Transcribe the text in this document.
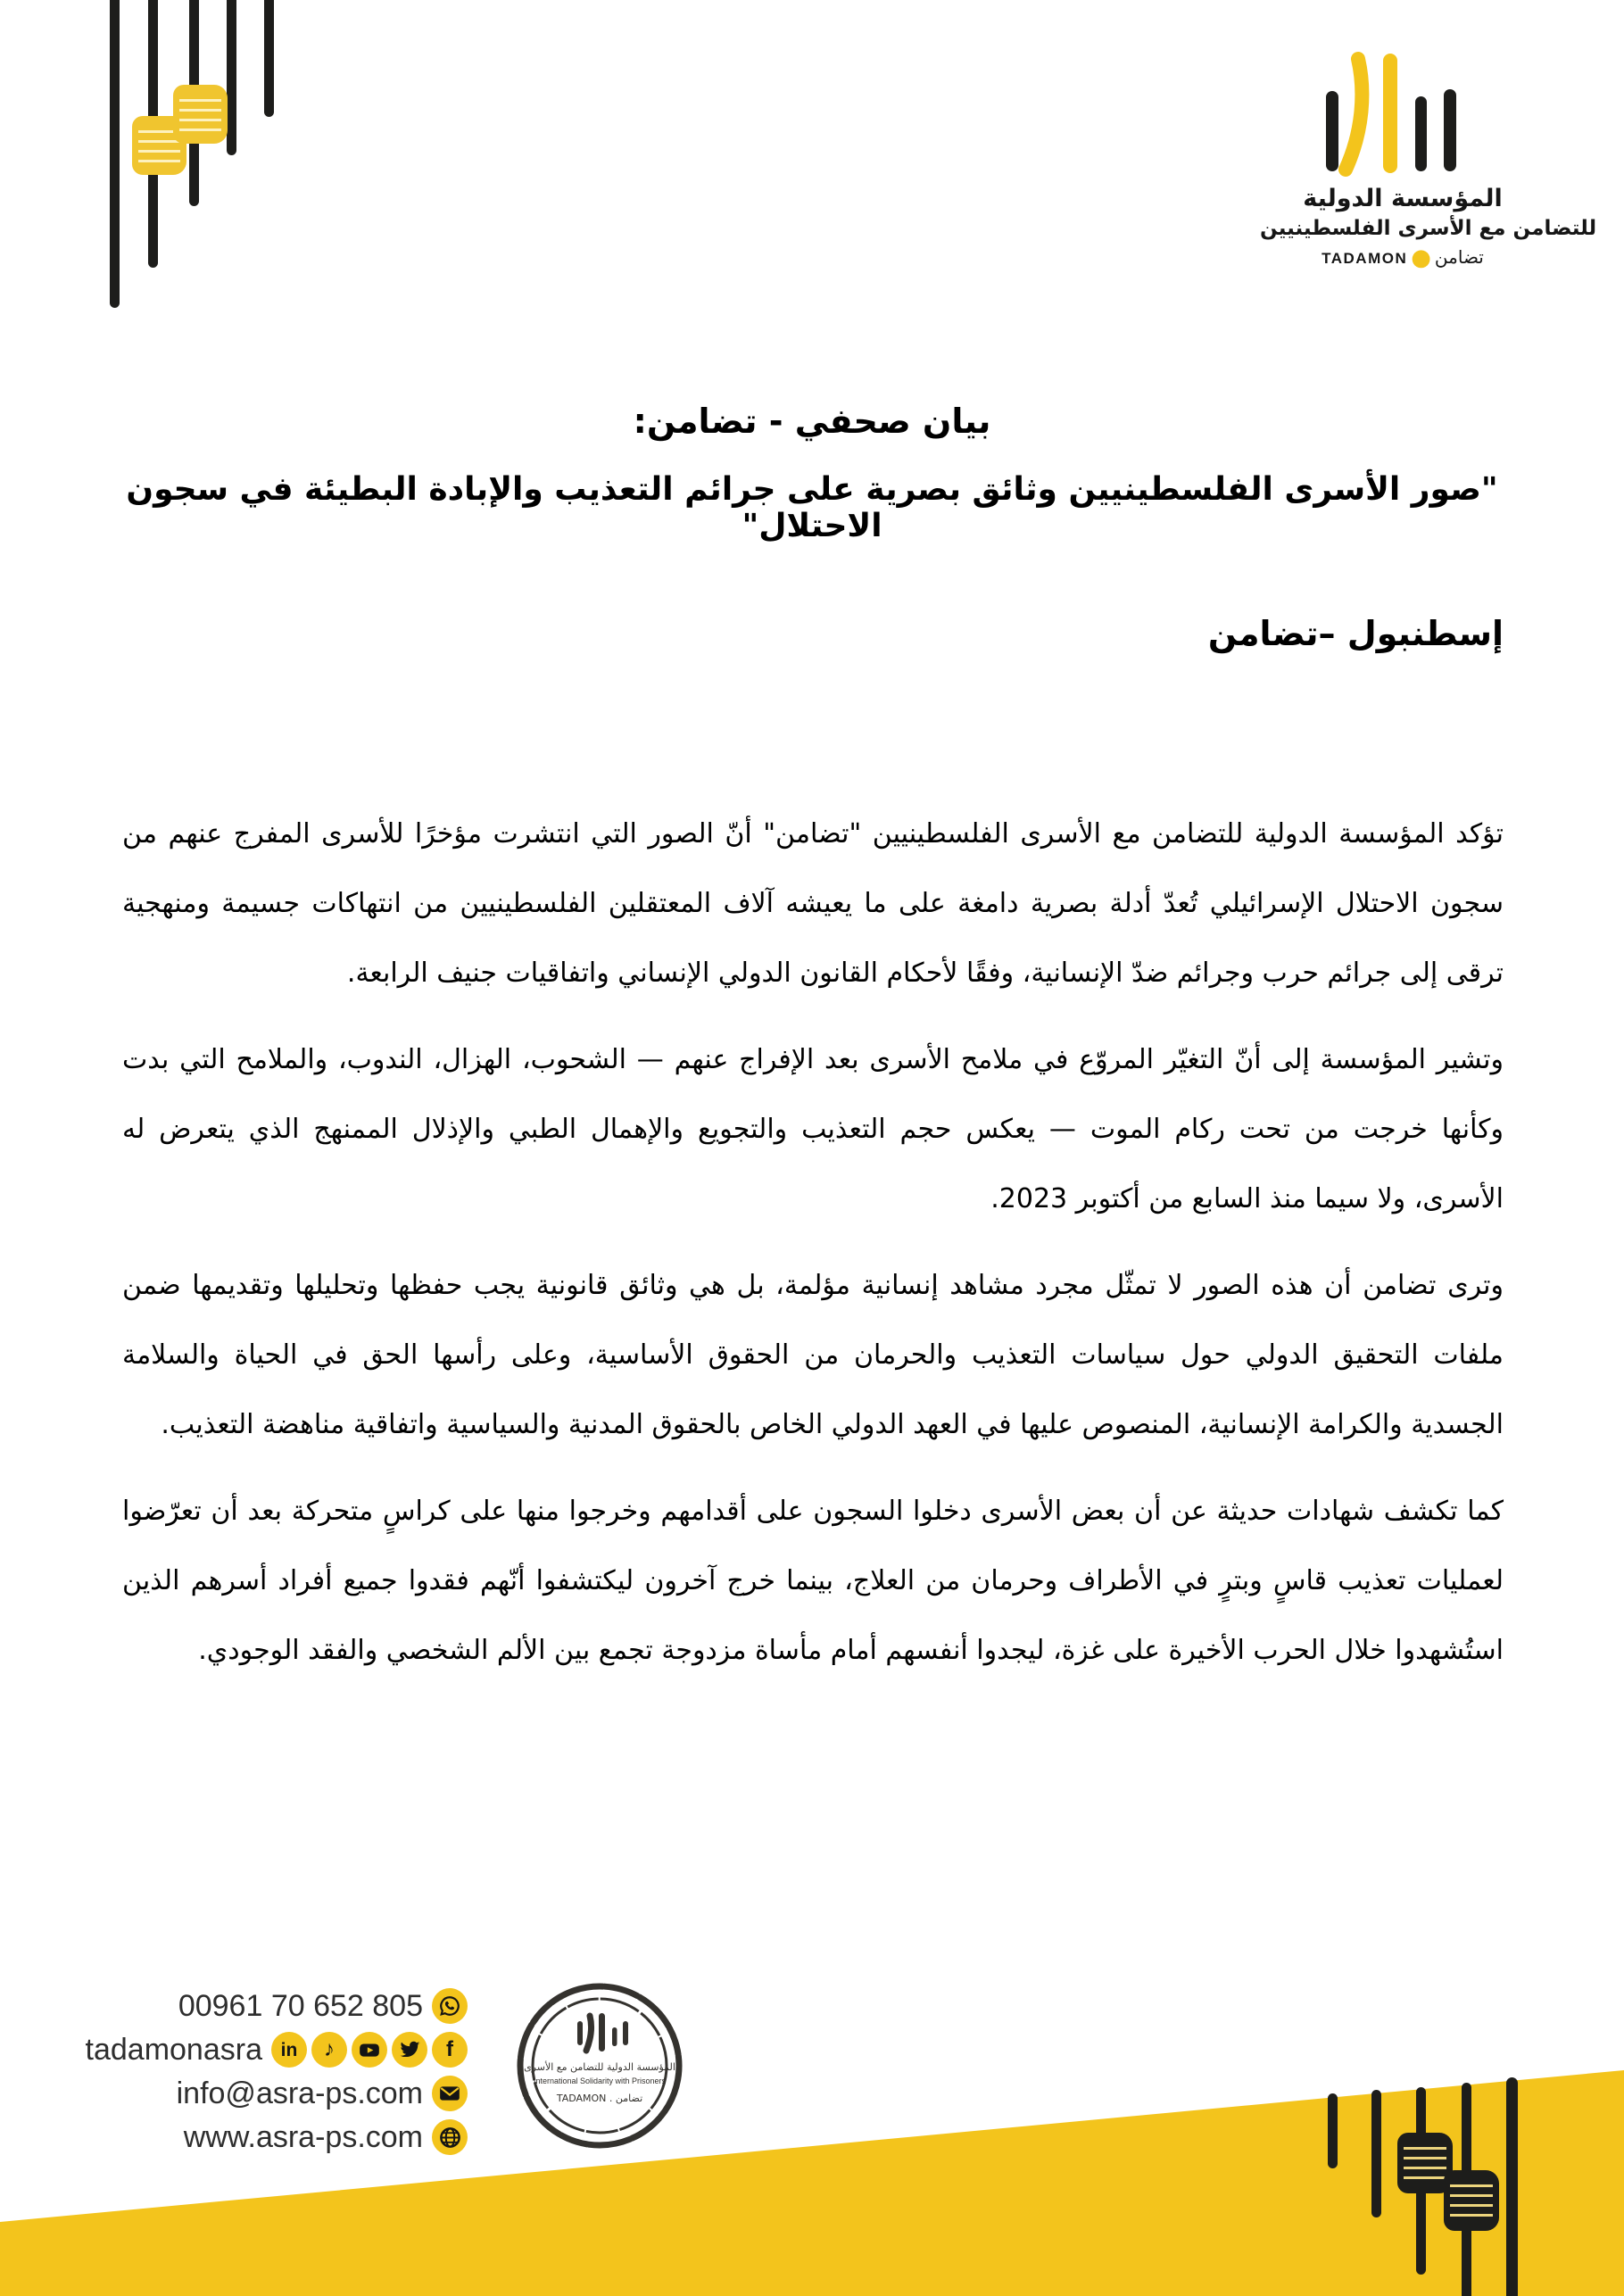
المؤسسة الدولية
للتضامن مع الأسرى الفلسطينيين
تضامن●TADAMON
بيان صحفي - تضامن:
"صور الأسرى الفلسطينيين وثائق بصرية على جرائم التعذيب والإبادة البطيئة في سجون الاحتلال"
إسطنبول –تضامن

تؤكد المؤسسة الدولية للتضامن مع الأسرى الفلسطينيين "تضامن" أنّ الصور التي انتشرت مؤخرًا للأسرى المفرج عنهم من سجون الاحتلال الإسرائيلي تُعدّ أدلة بصرية دامغة على ما يعيشه آلاف المعتقلين الفلسطينيين من انتهاكات جسيمة ومنهجية ترقى إلى جرائم حرب وجرائم ضدّ الإنسانية، وفقًا لأحكام القانون الدولي الإنساني واتفاقيات جنيف الرابعة.

وتشير المؤسسة إلى أنّ التغيّر المروّع في ملامح الأسرى بعد الإفراج عنهم — الشحوب، الهزال، الندوب، والملامح التي بدت وكأنها خرجت من تحت ركام الموت — يعكس حجم التعذيب والتجويع والإهمال الطبي والإذلال الممنهج الذي يتعرض له الأسرى، ولا سيما منذ السابع من أكتوبر 2023.

وترى تضامن أن هذه الصور لا تمثّل مجرد مشاهد إنسانية مؤلمة، بل هي وثائق قانونية يجب حفظها وتحليلها وتقديمها ضمن ملفات التحقيق الدولي حول سياسات التعذيب والحرمان من الحقوق الأساسية، وعلى رأسها الحق في الحياة والسلامة الجسدية والكرامة الإنسانية، المنصوص عليها في العهد الدولي الخاص بالحقوق المدنية والسياسية واتفاقية مناهضة التعذيب.

كما تكشف شهادات حديثة عن أن بعض الأسرى دخلوا السجون على أقدامهم وخرجوا منها على كراسٍ متحركة بعد أن تعرّضوا لعمليات تعذيب قاسٍ وبترٍ في الأطراف وحرمان من العلاج، بينما خرج آخرون ليكتشفوا أنّهم فقدوا جميع أفراد أسرهم الذين استُشهدوا خلال الحرب الأخيرة على غزة، ليجدوا أنفسهم أمام مأساة مزدوجة تجمع بين الألم الشخصي والفقد الوجودي.

00961 70 652 805
tadamonasra in ♪	f
info@asra-ps.com
www.asra-ps.com
المؤسسة الدولية للتضامن مع الأسرى
International Solidarity with Prisoners
تضامن . TADAMON
